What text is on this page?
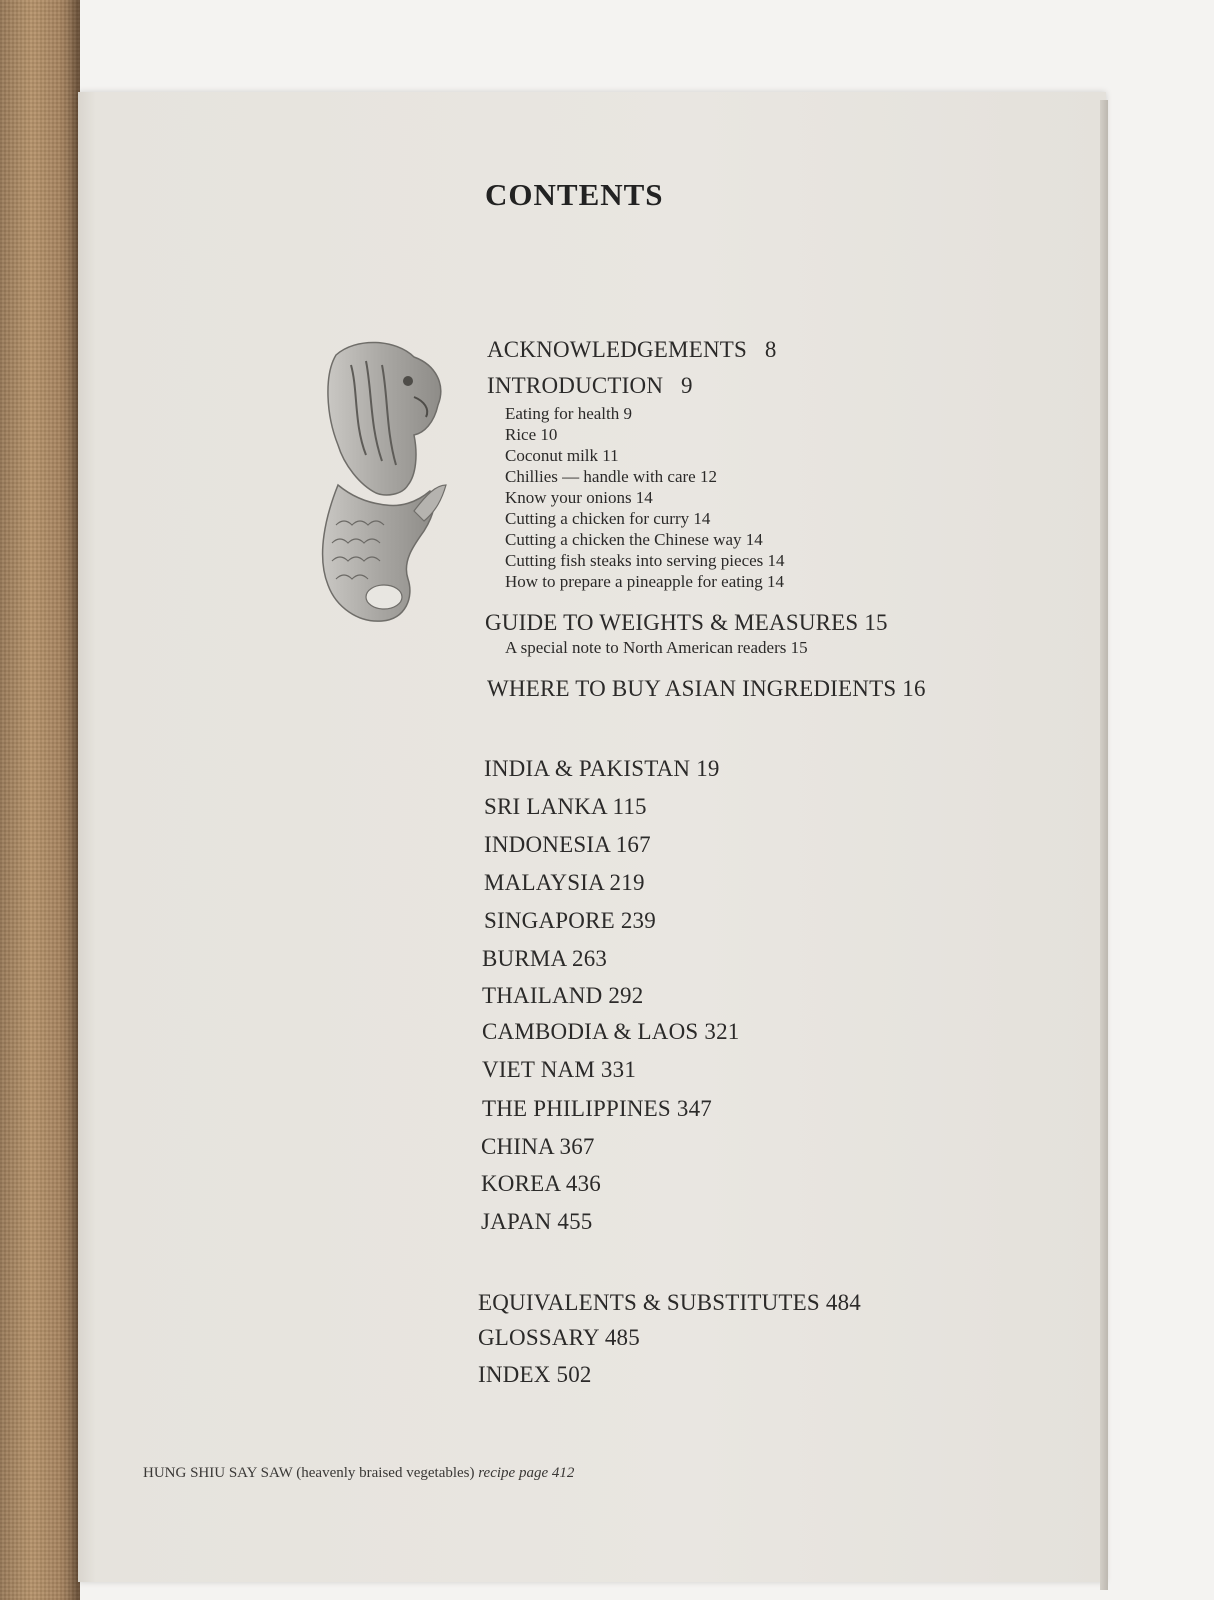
CONTENTS

ACKNOWLEDGEMENTS 8

INTRODUCTION 9

Eating for health 9

Rice 10

Coconut milk 11

Chillies — handle with care 12

Know your onions 14

Cutting a chicken for curry 14

Cutting a chicken the Chinese way 14

Cutting fish steaks into serving pieces 14

How to prepare a pineapple for eating 14

GUIDE TO WEIGHTS & MEASURES 15

A special note to North American readers 15

WHERE TO BUY ASIAN INGREDIENTS 16

INDIA & PAKISTAN 19

SRI LANKA 115

INDONESIA 167

MALAYSIA 219

SINGAPORE 239

BURMA 263

THAILAND 292

CAMBODIA & LAOS 321

VIET NAM 331

THE PHILIPPINES 347

CHINA 367

KOREA 436

JAPAN 455

EQUIVALENTS & SUBSTITUTES 484

GLOSSARY 485

INDEX 502

HUNG SHIU SAY SAW (heavenly braised vegetables) recipe page 412
